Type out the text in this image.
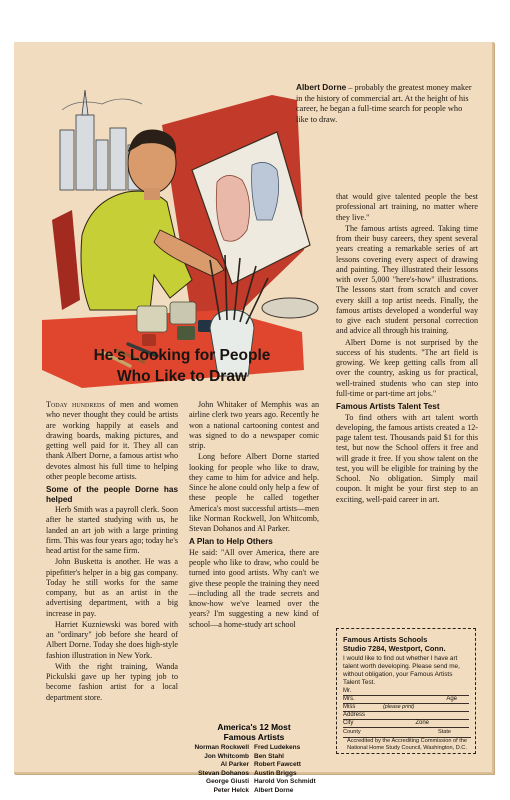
Albert Dorne – probably the greatest money maker in the history of commercial art. At the height of his career, he began a full-time search for people who like to draw.
He's Looking for People
Who Like to Draw

Today hundreds of men and women who never thought they could be artists are working happily at easels and drawing boards, making pictures, and getting well paid for it. They all can thank Albert Dorne, a famous artist who devotes almost his full time to helping other people become artists.

Some of the people Dorne has helped

Herb Smith was a payroll clerk. Soon after he started studying with us, he landed an art job with a large printing firm. This was four years ago; today he's head artist for the same firm.

John Busketta is another. He was a pipefitter's helper in a big gas company. Today he still works for the same company, but as an artist in the advertising department, with a big increase in pay.

Harriet Kuzniewski was bored with an "ordinary" job before she heard of Albert Dorne. Today she does high-style fashion illustration in New York.

With the right training, Wanda Pickulski gave up her typing job to become fashion artist for a local department store.

John Whitaker of Memphis was an airline clerk two years ago. Recently he won a national cartooning contest and was signed to do a newspaper comic strip.

Long before Albert Dorne started looking for people who like to draw, they came to him for advice and help. Since he alone could only help a few of these people he called together America's most successful artists—men like Norman Rockwell, Jon Whitcomb, Stevan Dohanos and Al Parker.

A Plan to Help Others

He said: "All over America, there are people who like to draw, who could be turned into good artists. Why can't we give these people the training they need—including all the trade secrets and know-how we've learned over the years? I'm suggesting a new kind of school—a home-study art school

that would give talented people the best professional art training, no matter where they live."

The famous artists agreed. Taking time from their busy careers, they spent several years creating a remarkable series of art lessons covering every aspect of drawing and painting. They illustrated their lessons with over 5,000 "here's-how" illustrations. The lessons start from scratch and cover every skill a top artist needs. Finally, the famous artists developed a wonderful way to give each student personal correction and advice all through his training.

Albert Dorne is not surprised by the success of his students. "The art field is growing. We keep getting calls from all over the country, asking us for practical, well-trained students who can step into full-time or part-time art jobs."

Famous Artists Talent Test

To find others with art talent worth developing, the famous artists created a 12-page talent test. Thousands paid $1 for this test, but now the School offers it free and will grade it free. If you show talent on the test, you will be eligible for training by the School. No obligation. Simply mail coupon. It might be your first step to an exciting, well-paid career in art.

America's 12 Most
Famous Artists
Norman Rockwell Fred Ludekens
Jon Whitcomb Ben Stahl
Al Parker Robert Fawcett
Stevan Dohanos Austin Briggs
George Giusti Harold Von Schmidt
Peter Helck Albert Dorne
Famous Artists Schools
Studio 7284, Westport, Conn.
I would like to find out whether I have art talent worth developing. Please send me, without obligation, your Famous Artists Talent Test.
Mr.
Mrs.	Age
Miss	(please print)
Address
City	Zone
County	State
Accredited by the Accrediting Commission of the National Home Study Council, Washington, D.C.
